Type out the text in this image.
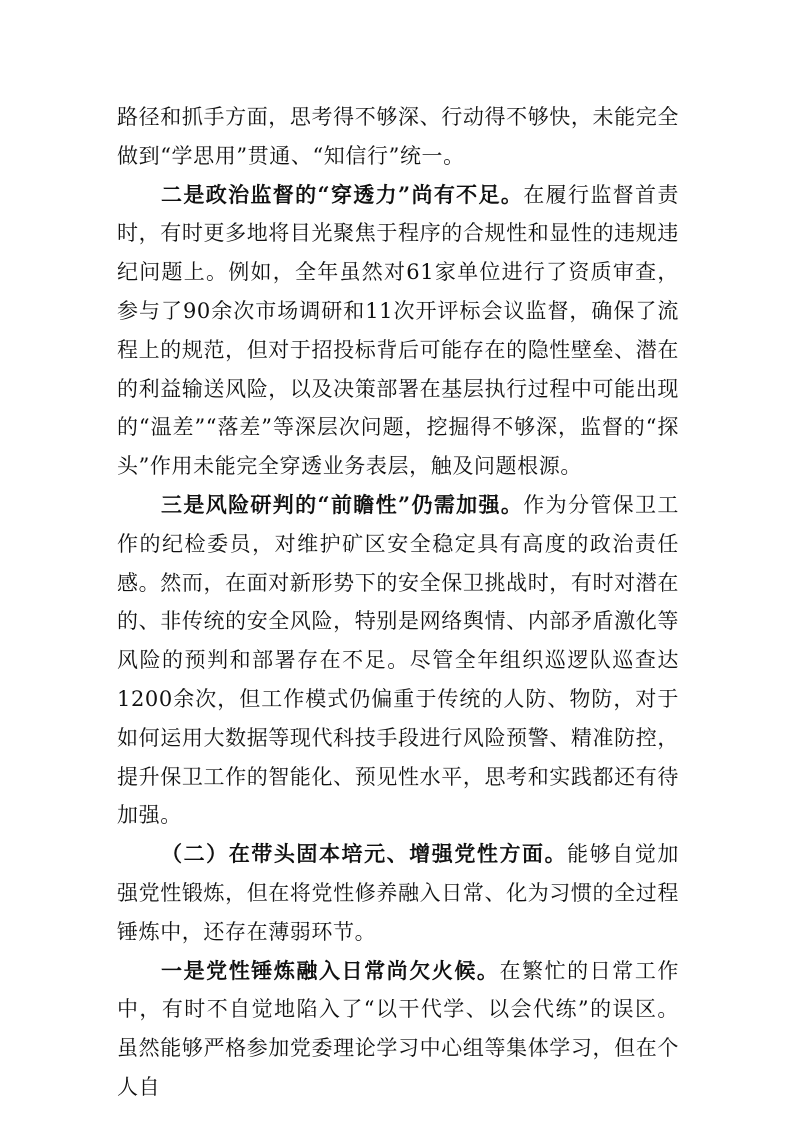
路径和抓手方面，思考得不够深、行动得不够快，未能完全做到“学思用”贯通、“知信行”统一。

二是政治监督的“穿透力”尚有不足。在履行监督首责时，有时更多地将目光聚焦于程序的合规性和显性的违规违纪问题上。例如，全年虽然对61家单位进行了资质审查，参与了90余次市场调研和11次开评标会议监督，确保了流程上的规范，但对于招投标背后可能存在的隐性壁垒、潜在的利益输送风险，以及决策部署在基层执行过程中可能出现的“温差”“落差”等深层次问题，挖掘得不够深，监督的“探头”作用未能完全穿透业务表层，触及问题根源。

三是风险研判的“前瞻性”仍需加强。作为分管保卫工作的纪检委员，对维护矿区安全稳定具有高度的政治责任感。然而，在面对新形势下的安全保卫挑战时，有时对潜在的、非传统的安全风险，特别是网络舆情、内部矛盾激化等风险的预判和部署存在不足。尽管全年组织巡逻队巡查达1200余次，但工作模式仍偏重于传统的人防、物防，对于如何运用大数据等现代科技手段进行风险预警、精准防控，提升保卫工作的智能化、预见性水平，思考和实践都还有待加强。

（二）在带头固本培元、增强党性方面。能够自觉加强党性锻炼，但在将党性修养融入日常、化为习惯的全过程锤炼中，还存在薄弱环节。

一是党性锤炼融入日常尚欠火候。在繁忙的日常工作中，有时不自觉地陷入了“以干代学、以会代练”的误区。虽然能够严格参加党委理论学习中心组等集体学习，但在个人自
